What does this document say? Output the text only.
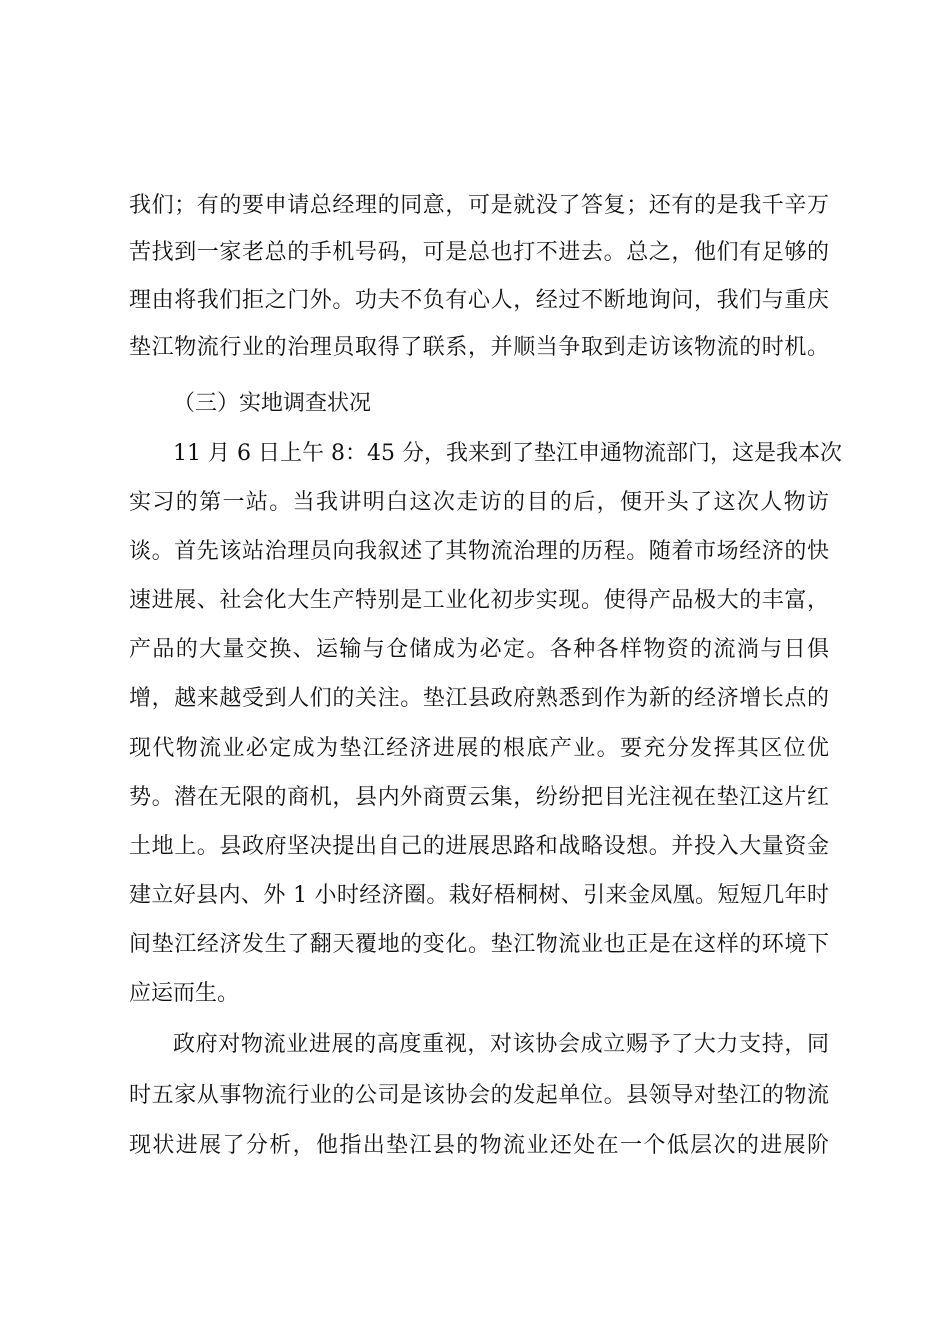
我们；有的要申请总经理的同意，可是就没了答复；还有的是我千辛万
苦找到一家老总的手机号码，可是总也打不进去。总之，他们有足够的
理由将我们拒之门外。功夫不负有心人，经过不断地询问，我们与重庆
垫江物流行业的治理员取得了联系，并顺当争取到走访该物流的时机。
（三）实地调查状况
11 月 6 日上午 8：45 分，我来到了垫江申通物流部门，这是我本次
实习的第一站。当我讲明白这次走访的目的后，便开头了这次人物访
谈。首先该站治理员向我叙述了其物流治理的历程。随着市场经济的快
速进展、社会化大生产特别是工业化初步实现。使得产品极大的丰富，
产品的大量交换、运输与仓储成为必定。各种各样物资的流淌与日俱
增，越来越受到人们的关注。垫江县政府熟悉到作为新的经济增长点的
现代物流业必定成为垫江经济进展的根底产业。要充分发挥其区位优
势。潜在无限的商机，县内外商贾云集，纷纷把目光注视在垫江这片红
土地上。县政府坚决提出自己的进展思路和战略设想。并投入大量资金
建立好县内、外 1 小时经济圈。栽好梧桐树、引来金凤凰。短短几年时
间垫江经济发生了翻天覆地的变化。垫江物流业也正是在这样的环境下
应运而生。
政府对物流业进展的高度重视，对该协会成立赐予了大力支持，同
时五家从事物流行业的公司是该协会的发起单位。县领导对垫江的物流
现状进展了分析，他指出垫江县的物流业还处在一个低层次的进展阶
